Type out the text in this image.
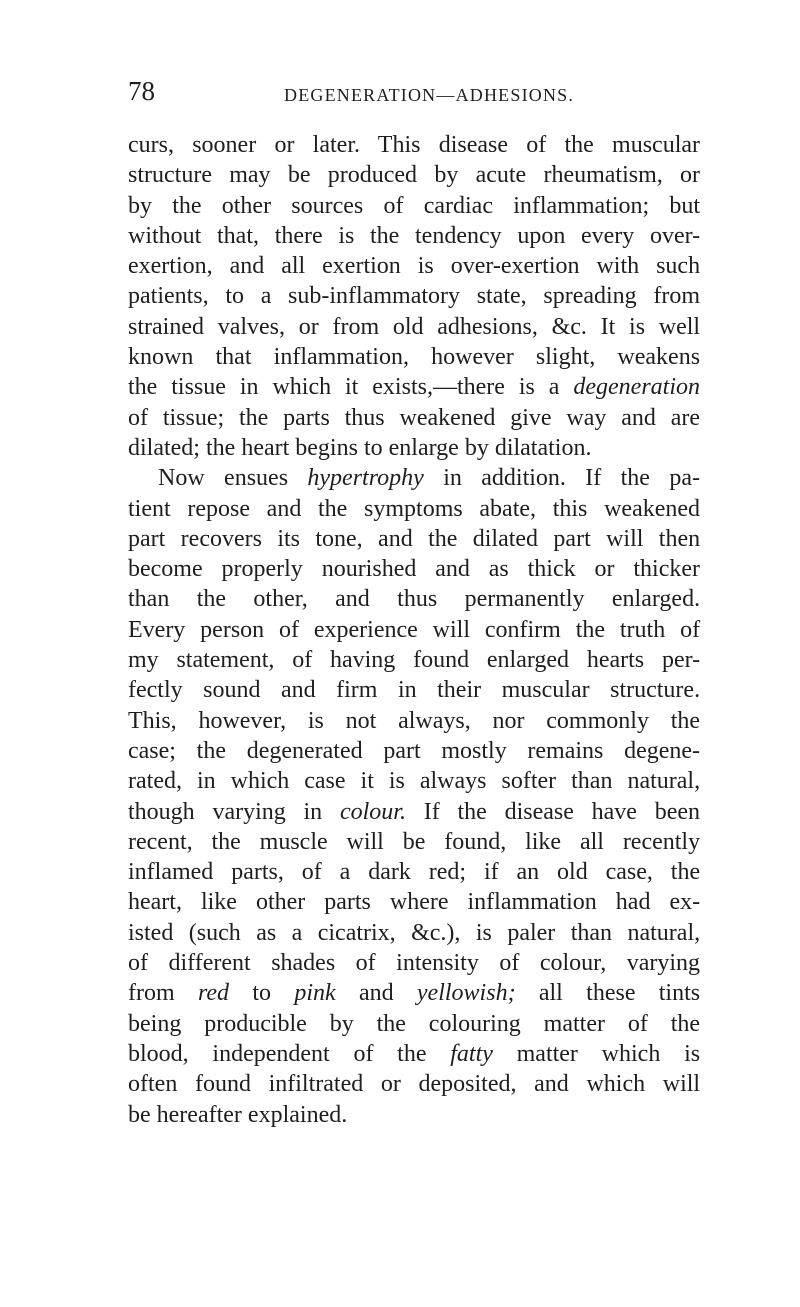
78	DEGENERATION—ADHESIONS.
curs, sooner or later. This disease of the muscular
structure may be produced by acute rheumatism, or
by the other sources of cardiac inflammation; but
without that, there is the tendency upon every over-
exertion, and all exertion is over-exertion with such
patients, to a sub-inflammatory state, spreading from
strained valves, or from old adhesions, &c. It is well
known that inflammation, however slight, weakens
the tissue in which it exists,—there is a degeneration
of tissue; the parts thus weakened give way and are
dilated; the heart begins to enlarge by dilatation.
Now ensues hypertrophy in addition. If the pa-
tient repose and the symptoms abate, this weakened
part recovers its tone, and the dilated part will then
become properly nourished and as thick or thicker
than the other, and thus permanently enlarged.
Every person of experience will confirm the truth of
my statement, of having found enlarged hearts per-
fectly sound and firm in their muscular structure.
This, however, is not always, nor commonly the
case; the degenerated part mostly remains degene-
rated, in which case it is always softer than natural,
though varying in colour. If the disease have been
recent, the muscle will be found, like all recently
inflamed parts, of a dark red; if an old case, the
heart, like other parts where inflammation had ex-
isted (such as a cicatrix, &c.), is paler than natural,
of different shades of intensity of colour, varying
from red to pink and yellowish; all these tints
being producible by the colouring matter of the
blood, independent of the fatty matter which is
often found infiltrated or deposited, and which will
be hereafter explained.
